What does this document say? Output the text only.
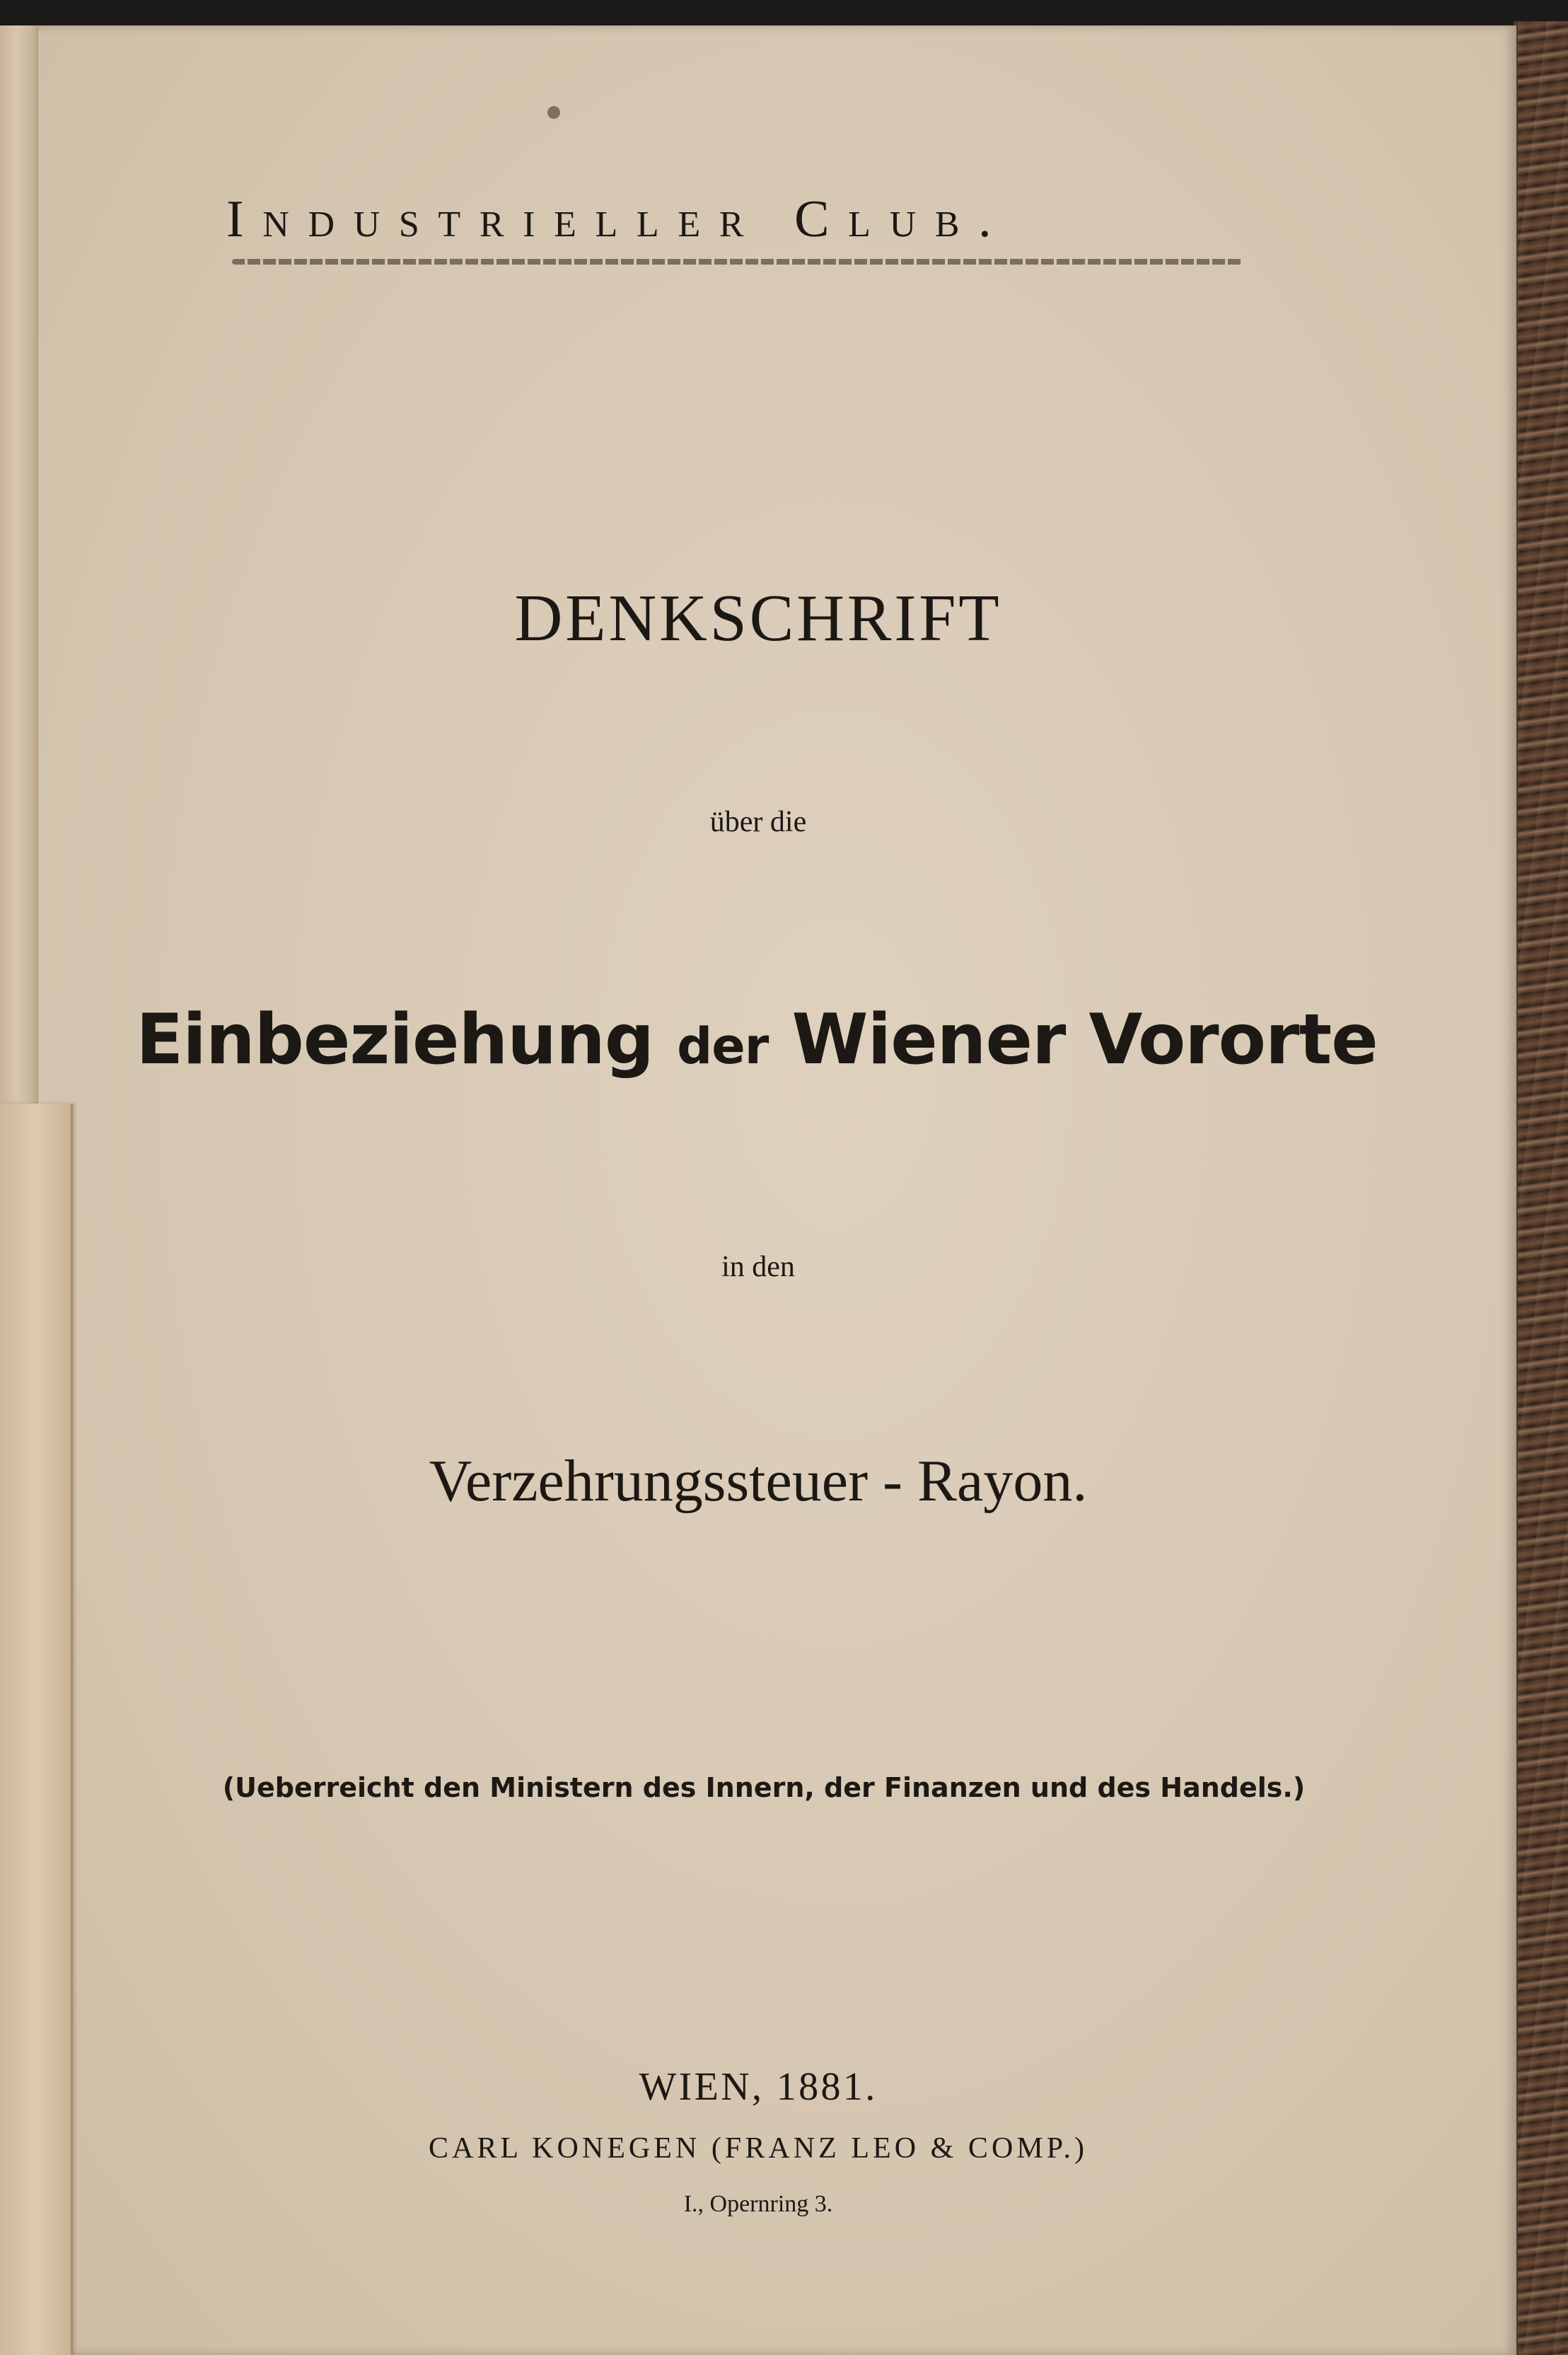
Industrieller Club.
DENKSCHRIFT
über die
Einbeziehung der Wiener Vororte
in den
Verzehrungssteuer - Rayon.
(Ueberreicht den Ministern des Innern, der Finanzen und des Handels.)
WIEN, 1881.
CARL KONEGEN (FRANZ LEO & COMP.)
I., Opernring 3.
